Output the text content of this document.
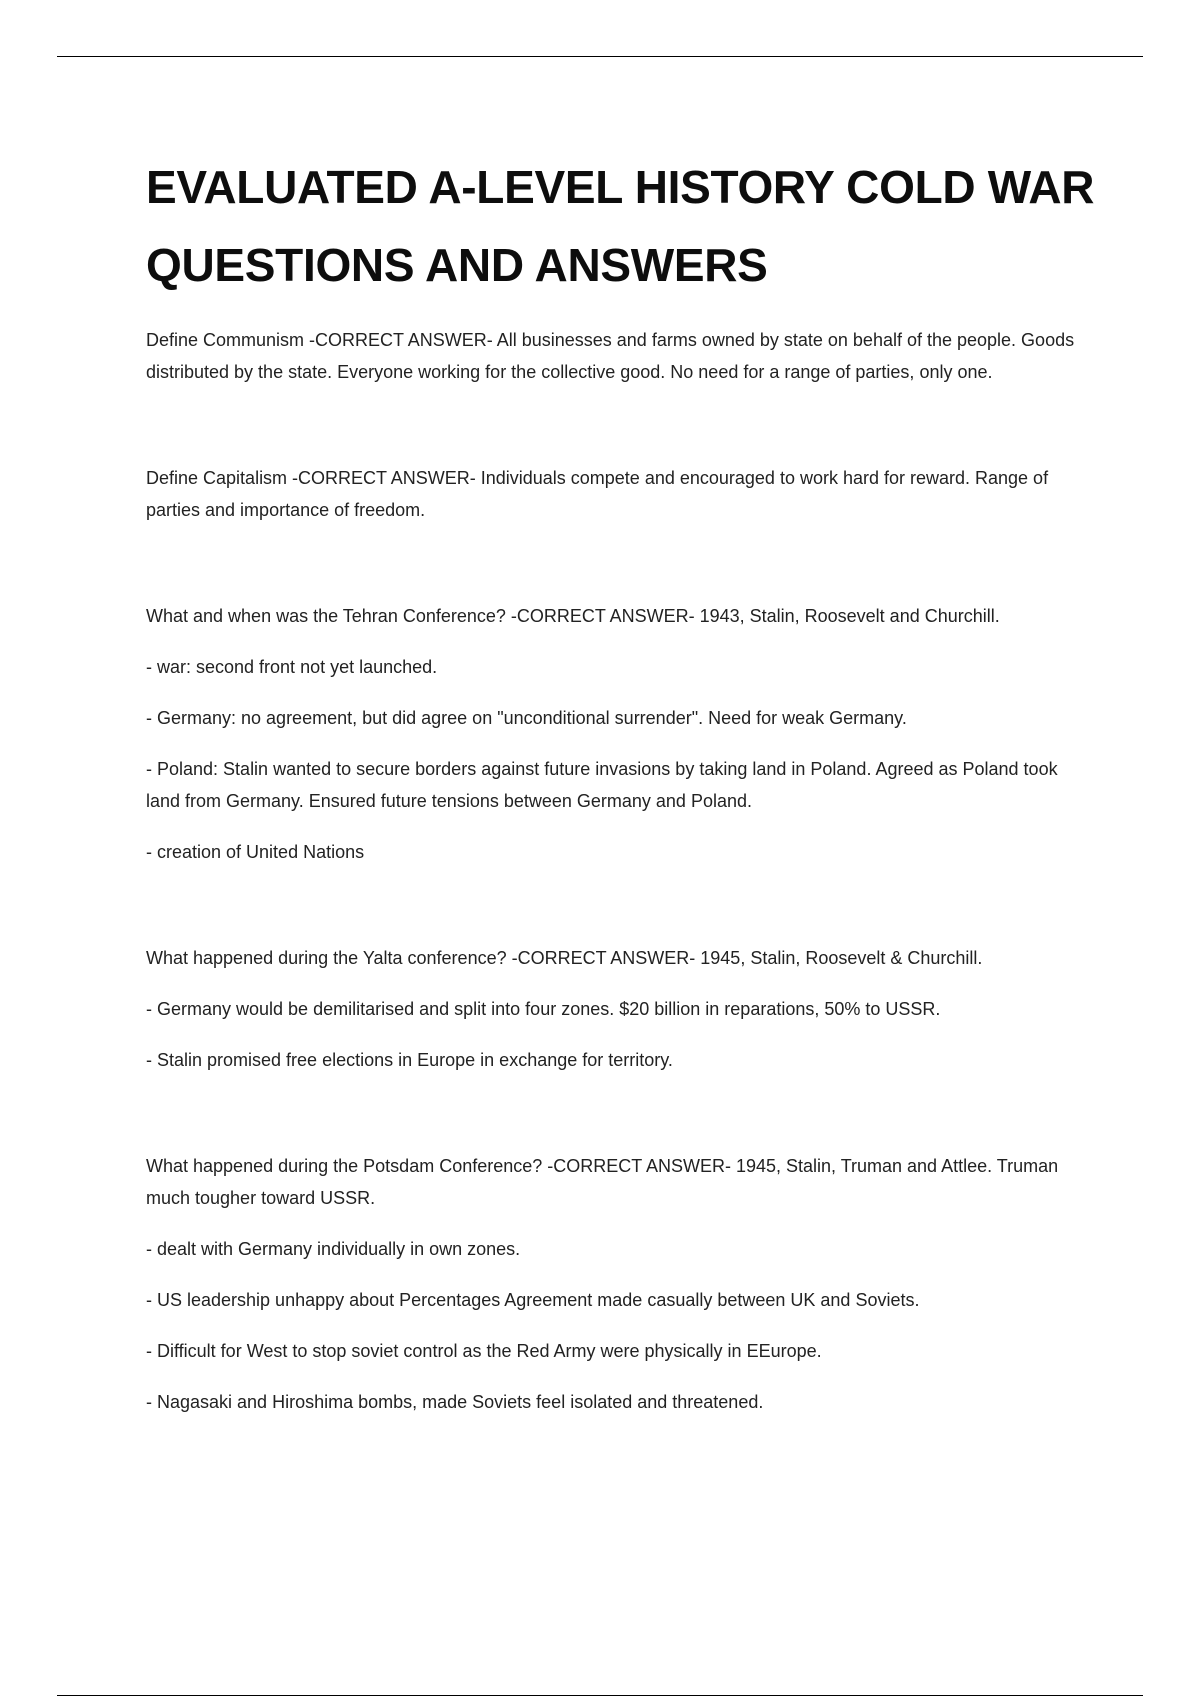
EVALUATED A-LEVEL HISTORY COLD WAR QUESTIONS AND ANSWERS

Define Communism -CORRECT ANSWER- All businesses and farms owned by state on behalf of the people. Goods distributed by the state. Everyone working for the collective good. No need for a range of parties, only one.

Define Capitalism -CORRECT ANSWER- Individuals compete and encouraged to work hard for reward. Range of parties and importance of freedom.

What and when was the Tehran Conference? -CORRECT ANSWER- 1943, Stalin, Roosevelt and Churchill.

- war: second front not yet launched.

- Germany: no agreement, but did agree on "unconditional surrender". Need for weak Germany.

- Poland: Stalin wanted to secure borders against future invasions by taking land in Poland. Agreed as Poland took land from Germany. Ensured future tensions between Germany and Poland.

- creation of United Nations

What happened during the Yalta conference? -CORRECT ANSWER- 1945, Stalin, Roosevelt & Churchill.

- Germany would be demilitarised and split into four zones. $20 billion in reparations, 50% to USSR.

- Stalin promised free elections in Europe in exchange for territory.

What happened during the Potsdam Conference? -CORRECT ANSWER- 1945, Stalin, Truman and Attlee. Truman much tougher toward USSR.

- dealt with Germany individually in own zones.

- US leadership unhappy about Percentages Agreement made casually between UK and Soviets.

- Difficult for West to stop soviet control as the Red Army were physically in EEurope.

- Nagasaki and Hiroshima bombs, made Soviets feel isolated and threatened.
